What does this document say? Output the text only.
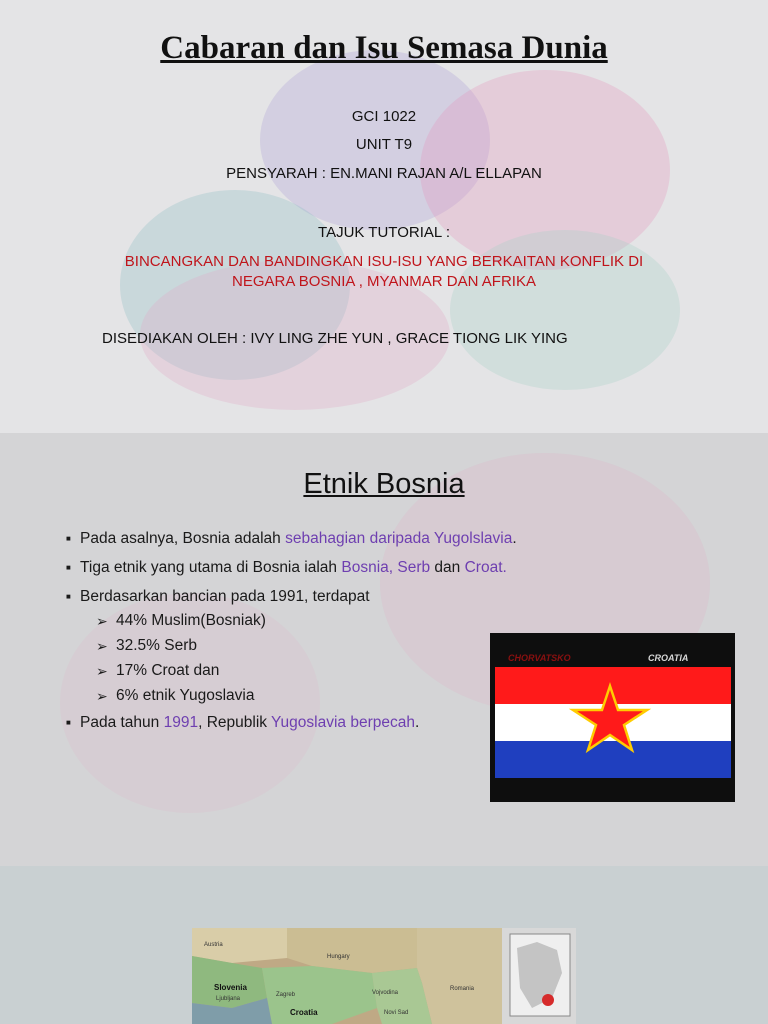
Cabaran dan Isu Semasa Dunia
GCI 1022
UNIT T9
PENSYARAH : EN.MANI RAJAN A/L ELLAPAN
TAJUK TUTORIAL :
BINCANGKAN DAN BANDINGKAN ISU-ISU YANG BERKAITAN KONFLIK DI
NEGARA BOSNIA , MYANMAR DAN AFRIKA
DISEDIAKAN OLEH : IVY LING ZHE YUN , GRACE TIONG LIK YING
Etnik Bosnia
■ Pada asalnya, Bosnia adalah sebahagian daripada Yugolslavia.
■ Tiga etnik yang utama di Bosnia ialah Bosnia, Serb dan Croat.
■ Berdasarkan bancian pada 1991, terdapat
➢ 44% Muslim(Bosniak)
➢ 32.5% Serb
➢ 17% Croat dan
➢ 6% etnik Yugoslavia
■ Pada tahun 1991, Republik Yugoslavia berpecah.
CHORVATSKO	CROATIA
Austria
Hungary
Slovenia
Ljubljana
Zagreb
Croatia
Vojvodina
Novi Sad
Romania
